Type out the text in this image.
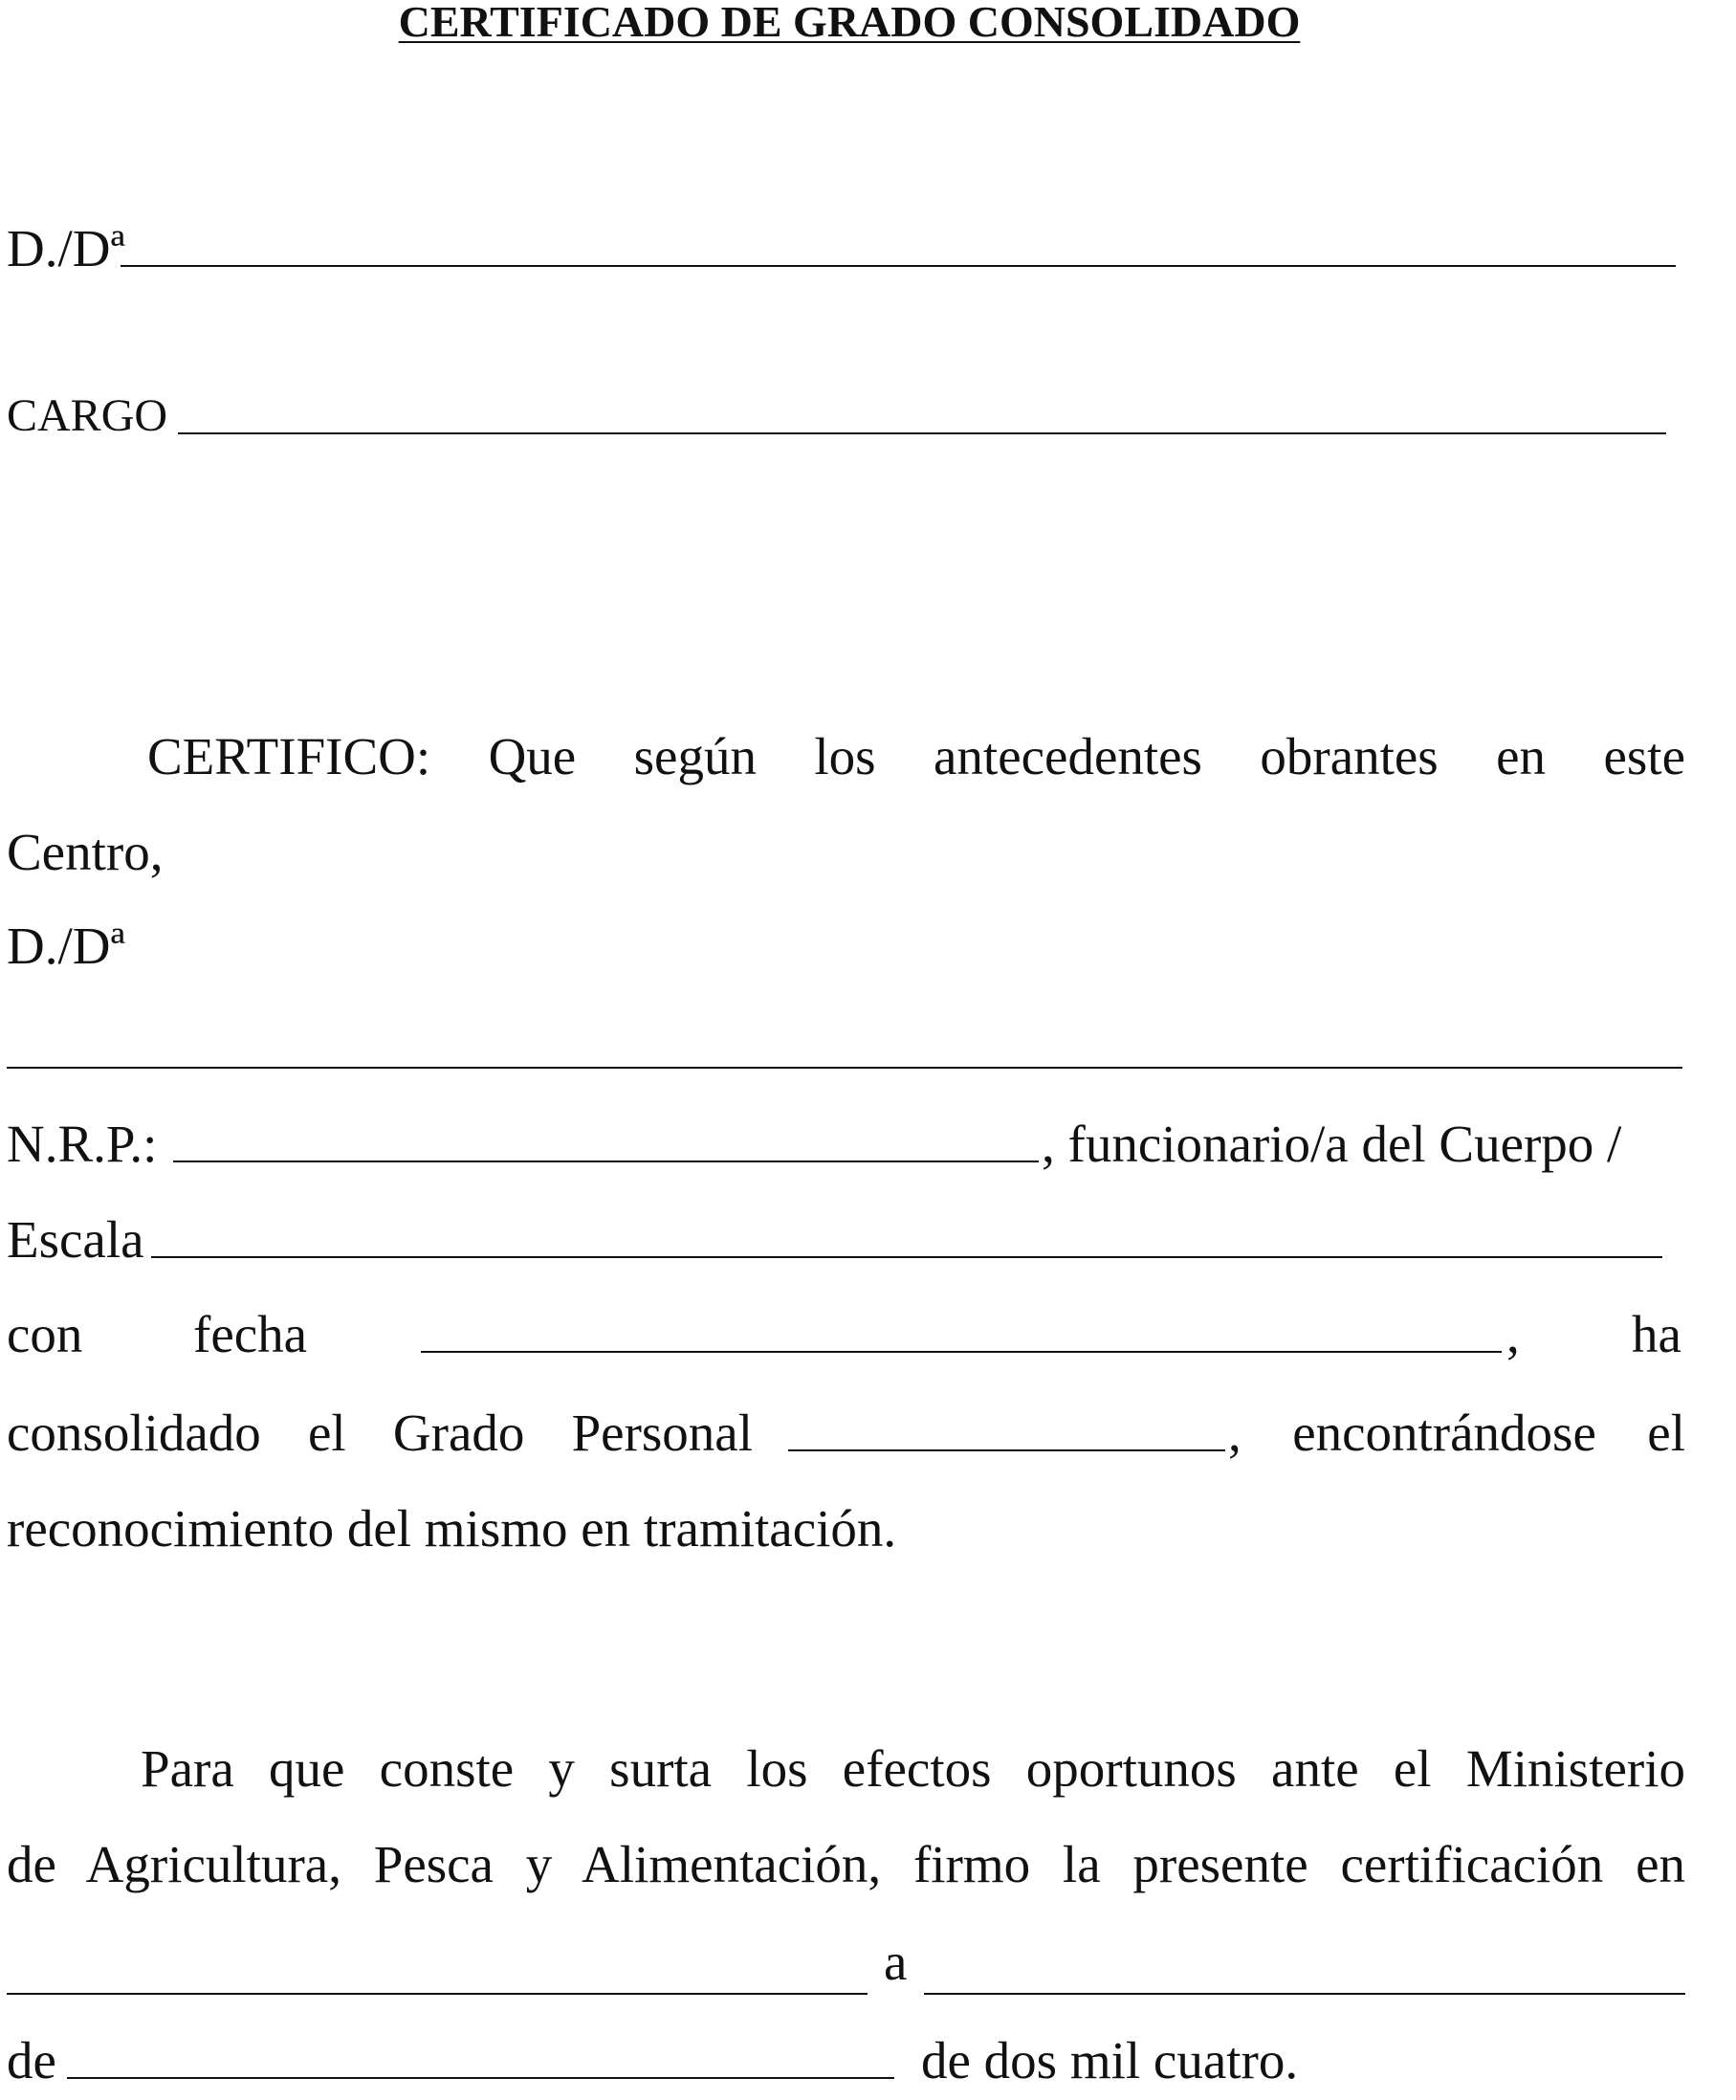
CERTIFICADO DE GRADO CONSOLIDADO
D./Dª
CARGO
CERTIFICO: Que según los antecedentes obrantes en este
Centro,
D./Dª
N.R.P.:	, funcionario/a del Cuerpo /
Escala
con fecha	, ha
consolidado el Grado Personal	, encontrándose el
reconocimiento del mismo en tramitación.
Para que conste y surta los efectos oportunos ante el Ministerio
de Agricultura, Pesca y Alimentación, firmo la presente certificación en
a
de	de dos mil cuatro.
